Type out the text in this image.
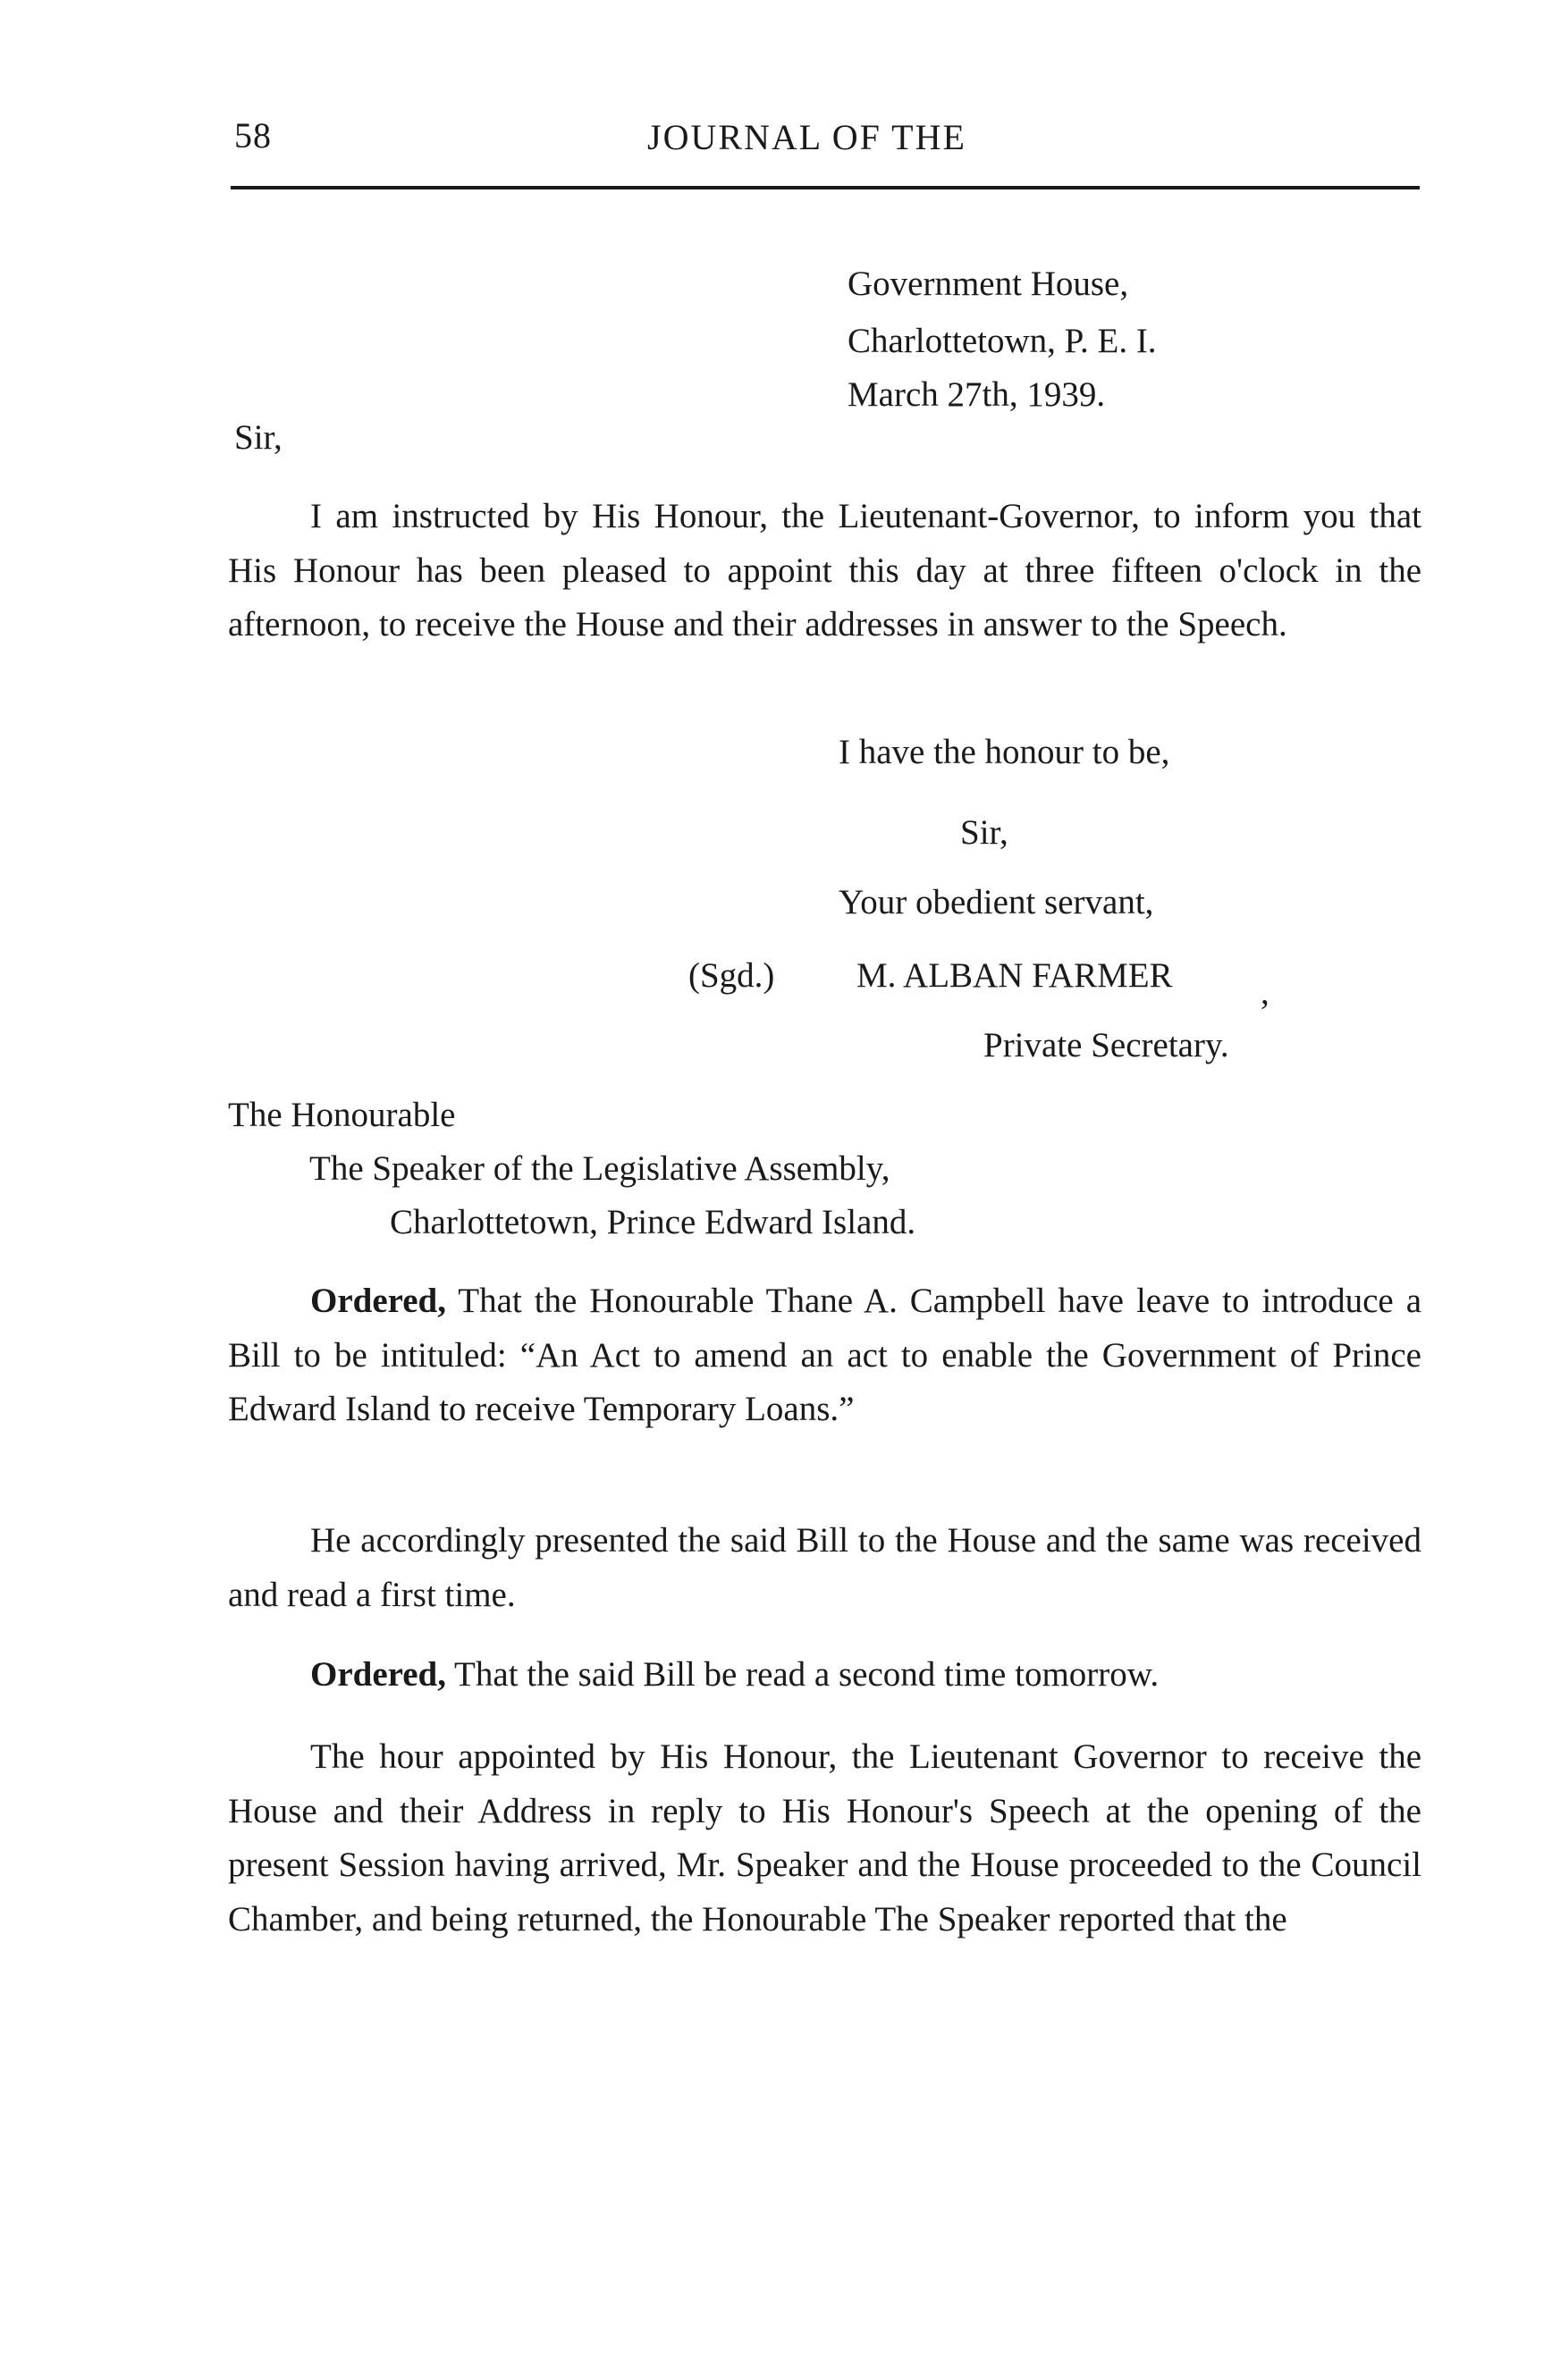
58	JOURNAL OF THE
Government House,
Charlottetown, P. E. I.
March 27th, 1939.
Sir,
I am instructed by His Honour, the Lieutenant-Governor, to inform you that His Honour has been pleased to appoint this day at three fifteen o'clock in the afternoon, to receive the House and their addresses in answer to the Speech.
I have the honour to be,
Sir,
Your obedient servant,
(Sgd.) M. ALBAN FARMER	,
Private Secretary.
The Honourable
The Speaker of the Legislative Assembly,
Charlottetown, Prince Edward Island.
Ordered, That the Honourable Thane A. Campbell have leave to introduce a Bill to be intituled: “An Act to amend an act to enable the Government of Prince Edward Island to receive Temporary Loans.”
He accordingly presented the said Bill to the House and the same was received and read a first time.
Ordered, That the said Bill be read a second time tomorrow.
The hour appointed by His Honour, the Lieutenant Governor to receive the House and their Address in reply to His Honour's Speech at the opening of the present Session having arrived, Mr. Speaker and the House proceeded to the Council Chamber, and being returned, the Honourable The Speaker reported that the
